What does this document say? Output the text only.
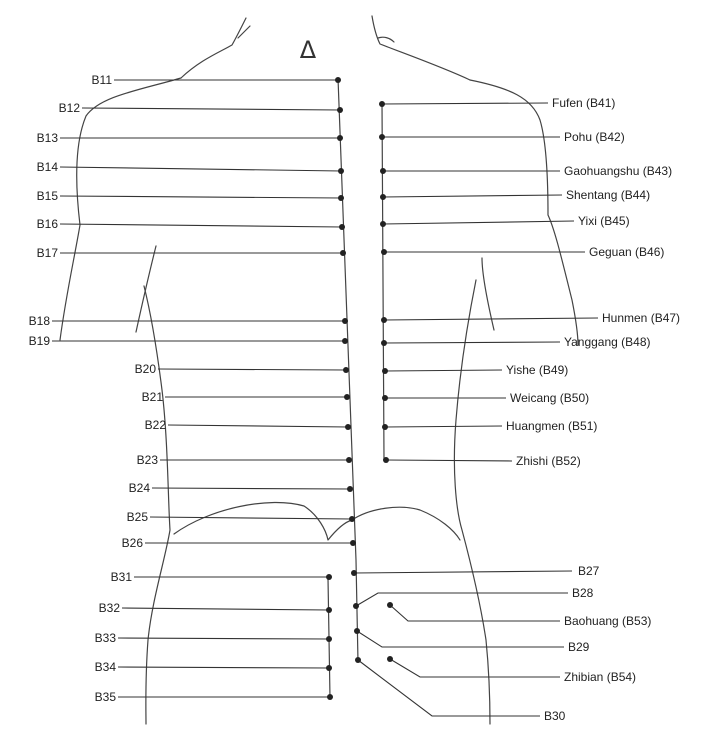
Δ
B11
B12
B13
B14
B15
B16
B17
B18
B19
B20
B21
B22
B23
B24
B25
B26
Fufen (B41)
Pohu (B42)
Gaohuangshu (B43)
Shentang (B44)
Yixi (B45)
Geguan (B46)
Hunmen (B47)
Yanggang (B48)
Yishe (B49)
Weicang (B50)
Huangmen (B51)
Zhishi (B52)
B27
B28
Baohuang (B53)
B29
Zhibian (B54)
B30
B31
B32
B33
B34
B35
